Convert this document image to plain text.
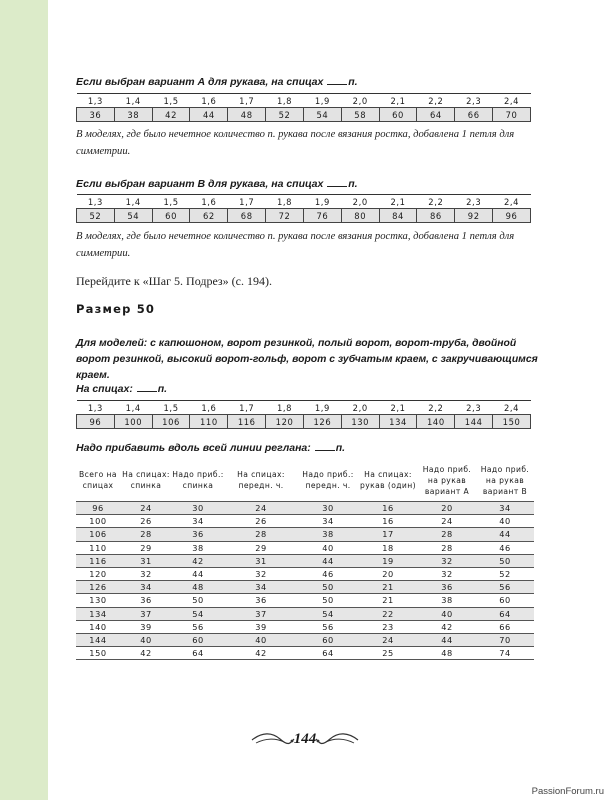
Если выбран вариант А для рукава, на спицах п.
1,3	1,4	1,5	1,6	1,7	1,8	1,9	2,0	2,1	2,2	2,3	2,4
36	38	42	44	48	52	54	58	60	64	66	70
В моделях, где было нечетное количество п. рукава после вязания ростка, добавлена 1 петля для симметрии.
Если выбран вариант В для рукава, на спицах п.
1,3	1,4	1,5	1,6	1,7	1,8	1,9	2,0	2,1	2,2	2,3	2,4
52	54	60	62	68	72	76	80	84	86	92	96
В моделях, где было нечетное количество п. рукава после вязания ростка, добавлена 1 петля для симметрии.
Перейдите к «Шаг 5. Подрез» (с. 194).
Размер 50
Для моделей: с капюшоном, ворот резинкой, полый ворот, ворот-труба, двойной ворот резинкой, высокий ворот-гольф, ворот с зубчатым краем, с закручивающимся краем.
На спицах: п.
1,3	1,4	1,5	1,6	1,7	1,8	1,9	2,0	2,1	2,2	2,3	2,4
96	100	106	110	116	120	126	130	134	140	144	150
Надо прибавить вдоль всей линии реглана: п.
Всего на спицах	На спицах: спинка	Надо приб.: спинка	На спицах: передн. ч.	Надо приб.: передн. ч.	На спицах: рукав (один)	Надо приб. на рукав вариант А	Надо приб. на рукав вариант В
96	24	30	24	30	16	20	34
100	26	34	26	34	16	24	40
106	28	36	28	38	17	28	44
110	29	38	29	40	18	28	46
116	31	42	31	44	19	32	50
120	32	44	32	46	20	32	52
126	34	48	34	50	21	36	56
130	36	50	36	50	21	38	60
134	37	54	37	54	22	40	64
140	39	56	39	56	23	42	66
144	40	60	40	60	24	44	70
150	42	64	42	64	25	48	74
144
PassionForum.ru
